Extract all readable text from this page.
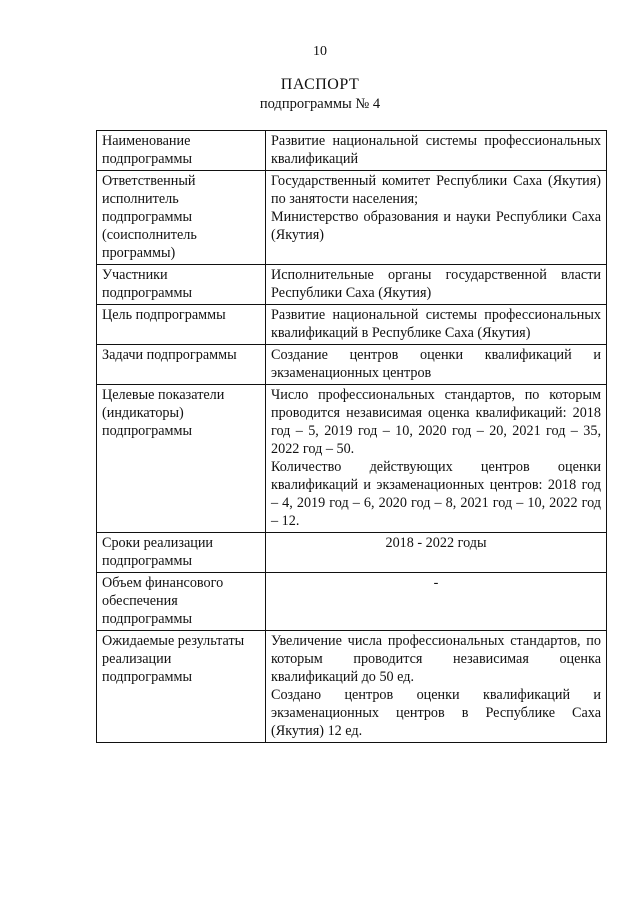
10
ПАСПОРТ
подпрограммы № 4
Наименование подпрограммы	Развитие национальной системы профессиональных квалификаций

Ответственный исполнитель подпрограммы (соисполнитель программы)	Государственный комитет Республики Саха (Якутия) по занятости населения;
Министерство образования и науки Республики Саха (Якутия)

Участники подпрограммы	Исполнительные органы государственной власти Республики Саха (Якутия)

Цель подпрограммы	Развитие национальной системы профессиональных квалификаций в Республике Саха (Якутия)

Задачи подпрограммы	Создание центров оценки квалификаций и экзаменационных центров

Целевые показатели (индикаторы) подпрограммы	Число профессиональных стандартов, по которым проводится независимая оценка квалификаций: 2018 год – 5, 2019 год – 10, 2020 год – 20, 2021 год – 35, 2022 год – 50.
Количество действующих центров оценки квалификаций и экзаменационных центров: 2018 год – 4, 2019 год – 6, 2020 год – 8, 2021 год – 10, 2022 год – 12.

Сроки реализации подпрограммы	2018 - 2022 годы

Объем финансового обеспечения подпрограммы	-

Ожидаемые результаты реализации подпрограммы	Увеличение числа профессиональных стандартов, по которым проводится независимая оценка квалификаций до 50 ед.
Создано центров оценки квалификаций и экзаменационных центров в Республике Саха (Якутия) 12 ед.
